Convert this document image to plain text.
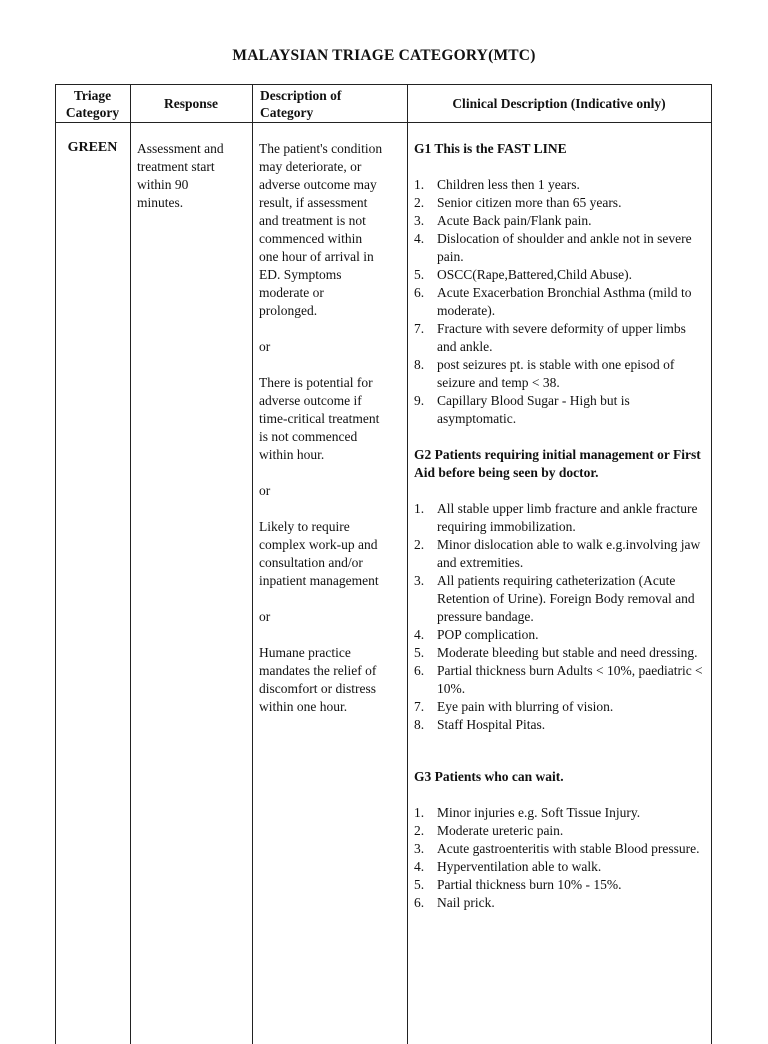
MALAYSIAN TRIAGE CATEGORY(MTC)
Triage
Category
Response
Description of
Category
Clinical Description (Indicative only)
GREEN	Assessment and
treatment start
within 90
minutes.
The patient's condition
may deteriorate, or
adverse outcome may
result, if assessment
and treatment is not
commenced within
one hour of arrival in
ED. Symptoms
moderate or
prolonged.
or
There is potential for
adverse outcome if
time-critical treatment
is not commenced
within hour.
or
Likely to require
complex work-up and
consultation and/or
inpatient management
or
Humane practice
mandates the relief of
discomfort or distress
within one hour.
G1 This is the FAST LINE
1. Children less then 1 years.
2. Senior citizen more than 65 years.
3. Acute Back pain/Flank pain.
4. Dislocation of shoulder and ankle not in severe pain.
5. OSCC(Rape,Battered,Child Abuse).
6. Acute Exacerbation Bronchial Asthma (mild to moderate).
7. Fracture with severe deformity of upper limbs and ankle.
8. post seizures pt. is stable with one episod of seizure and temp < 38.
9. Capillary Blood Sugar - High but is asymptomatic.
G2 Patients requiring initial management or First Aid before being seen by doctor.
1. All stable upper limb fracture and ankle fracture requiring immobilization.
2. Minor dislocation able to walk e.g.involving jaw and extremities.
3. All patients requiring catheterization (Acute Retention of Urine). Foreign Body removal and pressure bandage.
4. POP complication.
5. Moderate bleeding but stable and need dressing.
6. Partial thickness burn Adults < 10%, paediatric < 10%.
7. Eye pain with blurring of vision.
8. Staff Hospital Pitas.
G3 Patients who can wait.
1. Minor injuries e.g. Soft Tissue Injury.
2. Moderate ureteric pain.
3. Acute gastroenteritis with stable Blood pressure.
4. Hyperventilation able to walk.
5. Partial thickness burn 10% - 15%.
6. Nail prick.
